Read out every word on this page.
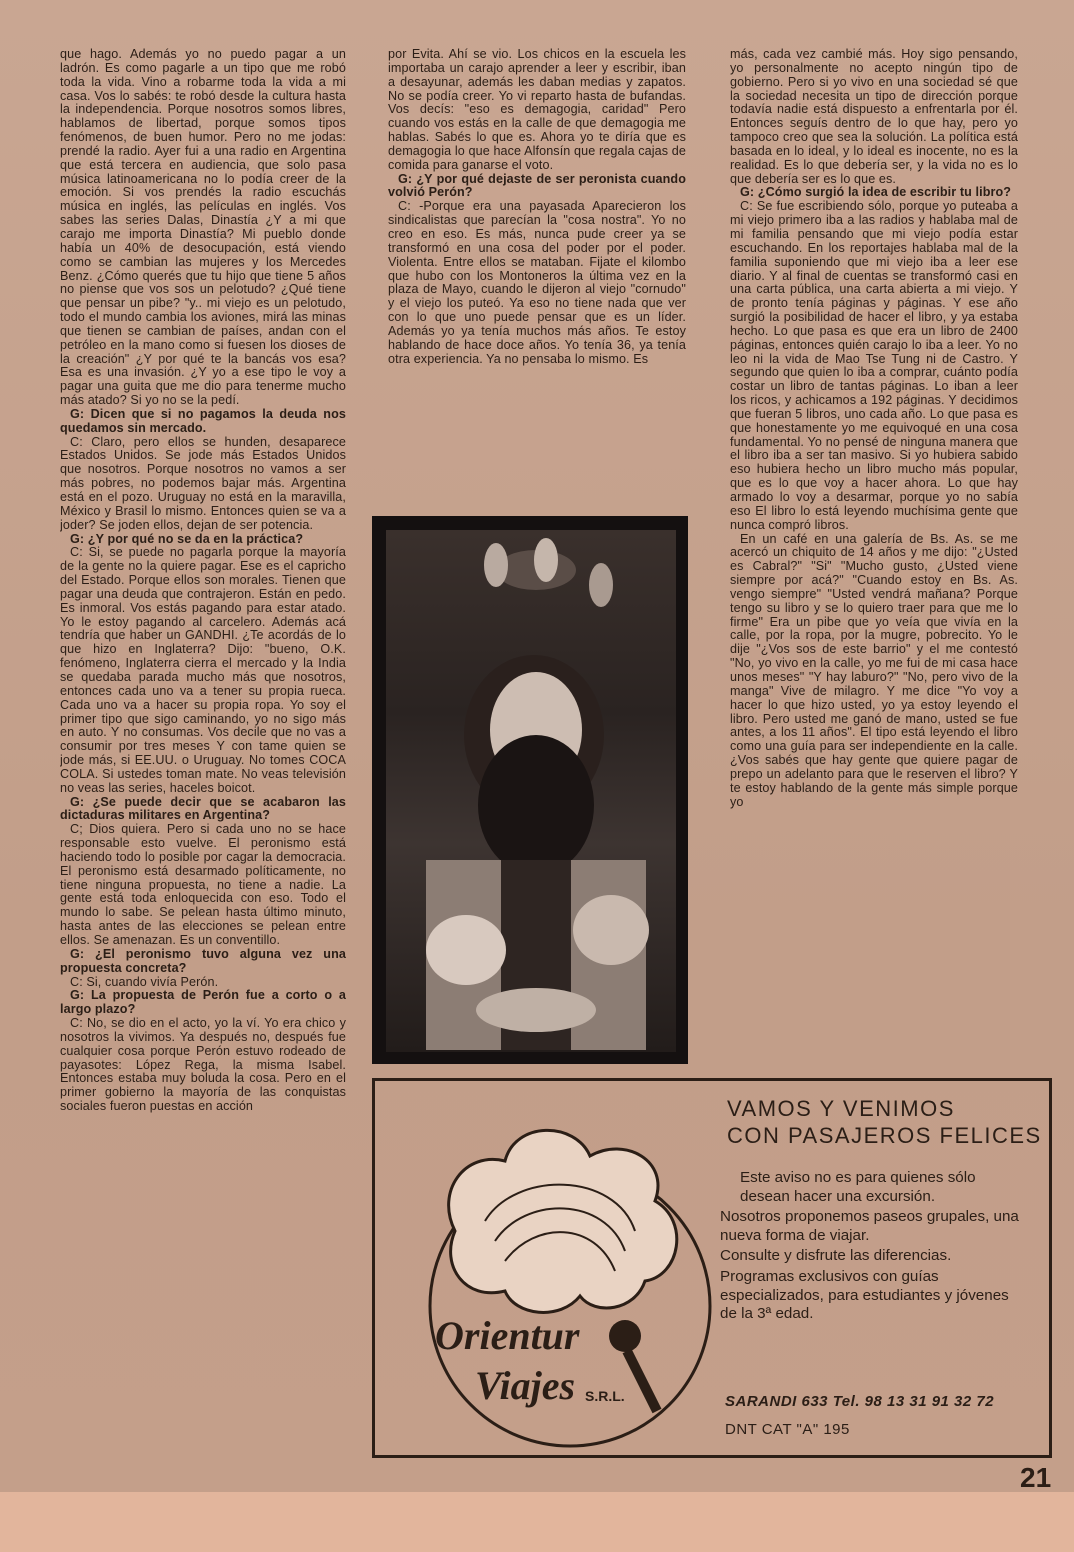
que hago. Además yo no puedo pagar a un ladrón. Es como pagarle a un tipo que me robó toda la vida. Vino a robarme toda la vida a mi casa. Vos lo sabés: te robó desde la cultura hasta la independencia. Porque nosotros somos libres, hablamos de libertad, porque somos tipos fenómenos, de buen humor. Pero no me jodas: prendé la radio. Ayer fui a una radio en Argentina que está tercera en audiencia, que solo pasa música latinoamericana no lo podía creer de la emoción. Si vos prendés la radio escuchás música en inglés, las películas en inglés. Vos sabes las series Dalas, Dinastía ¿Y a mi que carajo me importa Dinastía? Mi pueblo donde había un 40% de desocupación, está viendo como se cambian las mujeres y los Mercedes Benz. ¿Cómo querés que tu hijo que tiene 5 años no piense que vos sos un pelotudo? ¿Qué tiene que pensar un pibe? "y.. mi viejo es un pelotudo, todo el mundo cambia los aviones, mirá las minas que tienen se cambian de países, andan con el petróleo en la mano como si fuesen los dioses de la creación" ¿Y por qué te la bancás vos esa? Esa es una invasión. ¿Y yo a ese tipo le voy a pagar una guita que me dio para tenerme mucho más atado? Si yo no se la pedí.

G: Dicen que si no pagamos la deuda nos quedamos sin mercado.

C: Claro, pero ellos se hunden, desaparece Estados Unidos. Se jode más Estados Unidos que nosotros. Porque nosotros no vamos a ser más pobres, no podemos bajar más. Argentina está en el pozo. Uruguay no está en la maravilla, México y Brasil lo mismo. Entonces quien se va a joder? Se joden ellos, dejan de ser potencia.

G: ¿Y por qué no se da en la práctica?

C: Si, se puede no pagarla porque la mayoría de la gente no la quiere pagar. Ese es el capricho del Estado. Porque ellos son morales. Tienen que pagar una deuda que contrajeron. Están en pedo. Es inmoral. Vos estás pagando para estar atado. Yo le estoy pagando al carcelero. Además acá tendría que haber un GANDHI. ¿Te acordás de lo que hizo en Inglaterra? Dijo: "bueno, O.K. fenómeno, Inglaterra cierra el mercado y la India se quedaba parada mucho más que nosotros, entonces cada uno va a tener su propia rueca. Cada uno va a hacer su propia ropa. Yo soy el primer tipo que sigo caminando, yo no sigo más en auto. Y no consumas. Vos decile que no vas a consumir por tres meses Y con tame quien se jode más, si EE.UU. o Uruguay. No tomes COCA COLA. Si ustedes toman mate. No veas televisión no veas las series, haceles boicot.

G: ¿Se puede decir que se acabaron las dictaduras militares en Argentina?

C; Dios quiera. Pero si cada uno no se hace responsable esto vuelve. El peronismo está haciendo todo lo posible por cagar la democracia. El peronismo está desarmado políticamente, no tiene ninguna propuesta, no tiene a nadie. La gente está toda enloquecida con eso. Todo el mundo lo sabe. Se pelean hasta último minuto, hasta antes de las elecciones se pelean entre ellos. Se amenazan. Es un conventillo.

G: ¿El peronismo tuvo alguna vez una propuesta concreta?

C: Si, cuando vivía Perón.

G: La propuesta de Perón fue a corto o a largo plazo?

C: No, se dio en el acto, yo la ví. Yo era chico y nosotros la vivimos. Ya después no, después fue cualquier cosa porque Perón estuvo rodeado de payasotes: López Rega, la misma Isabel. Entonces estaba muy boluda la cosa. Pero en el primer gobierno la mayoría de las conquistas sociales fueron puestas en acción

por Evita. Ahí se vio. Los chicos en la escuela les importaba un carajo aprender a leer y escribir, iban a desayunar, además les daban medias y zapatos. No se podía creer. Yo vi reparto hasta de bufandas. Vos decís: "eso es demagogia, caridad" Pero cuando vos estás en la calle de que demagogia me hablas. Sabés lo que es. Ahora yo te diría que es demagogia lo que hace Alfonsín que regala cajas de comida para ganarse el voto.

G: ¿Y por qué dejaste de ser peronista cuando volvió Perón?

C: -Porque era una payasada Aparecieron los sindicalistas que parecían la "cosa nostra". Yo no creo en eso. Es más, nunca pude creer ya se transformó en una cosa del poder por el poder. Violenta. Entre ellos se mataban. Fijate el kilombo que hubo con los Montoneros la última vez en la plaza de Mayo, cuando le dijeron al viejo "cornudo" y el viejo los puteó. Ya eso no tiene nada que ver con lo que uno puede pensar que es un líder. Además yo ya tenía muchos más años. Te estoy hablando de hace doce años. Yo tenía 36, ya tenía otra experiencia. Ya no pensaba lo mismo. Es

más, cada vez cambié más. Hoy sigo pensando, yo personalmente no acepto ningún tipo de gobierno. Pero si yo vivo en una sociedad sé que la sociedad necesita un tipo de dirección porque todavía nadie está dispuesto a enfrentarla por él. Entonces seguís dentro de lo que hay, pero yo tampoco creo que sea la solución. La política está basada en lo ideal, y lo ideal es inocente, no es la realidad. Es lo que debería ser, y la vida no es lo que debería ser es lo que es.

G: ¿Cómo surgió la idea de escribir tu libro?

C: Se fue escribiendo sólo, porque yo puteaba a mi viejo primero iba a las radios y hablaba mal de mi familia pensando que mi viejo podía estar escuchando. En los reportajes hablaba mal de la familia suponiendo que mi viejo iba a leer ese diario. Y al final de cuentas se transformó casi en una carta pública, una carta abierta a mi viejo. Y de pronto tenía páginas y páginas. Y ese año surgió la posibilidad de hacer el libro, y ya estaba hecho. Lo que pasa es que era un libro de 2400 páginas, entonces quién carajo lo iba a leer. Yo no leo ni la vida de Mao Tse Tung ni de Castro. Y segundo que quien lo iba a comprar, cuánto podía costar un libro de tantas páginas. Lo iban a leer los ricos, y achicamos a 192 páginas. Y decidimos que fueran 5 libros, uno cada año. Lo que pasa es que honestamente yo me equivoqué en una cosa fundamental. Yo no pensé de ninguna manera que el libro iba a ser tan masivo. Si yo hubiera sabido eso hubiera hecho un libro mucho más popular, que es lo que voy a hacer ahora. Lo que hay armado lo voy a desarmar, porque yo no sabía eso El libro lo está leyendo muchísima gente que nunca compró libros.

En un café en una galería de Bs. As. se me acercó un chiquito de 14 años y me dijo: "¿Usted es Cabral?" "Si" "Mucho gusto, ¿Usted viene siempre por acá?" "Cuando estoy en Bs. As. vengo siempre" "Usted vendrá mañana? Porque tengo su libro y se lo quiero traer para que me lo firme" Era un pibe que yo veía que vivía en la calle, por la ropa, por la mugre, pobrecito. Yo le dije "¿Vos sos de este barrio" y el me contestó "No, yo vivo en la calle, yo me fui de mi casa hace unos meses" "Y hay laburo?" "No, pero vivo de la manga" Vive de milagro. Y me dice "Yo voy a hacer lo que hizo usted, yo ya estoy leyendo el libro. Pero usted me ganó de mano, usted se fue antes, a los 11 años". El tipo está leyendo el libro como una guía para ser independiente en la calle. ¿Vos sabés que hay gente que quiere pagar de prepo un adelanto para que le reserven el libro? Y te estoy hablando de la gente más simple porque yo

Orientur
Viajes S.R.L.
VAMOS Y VENIMOS
CON PASAJEROS FELICES

Este aviso no es para quienes sólo desean hacer una excursión.

Nosotros proponemos paseos grupales, una nueva forma de viajar.

Consulte y disfrute las diferencias.

Programas exclusivos con guías especializados, para estudiantes y jóvenes de la 3ª edad.

SARANDI 633 Tel. 98 13 31 91 32 72
DNT CAT "A" 195
21
